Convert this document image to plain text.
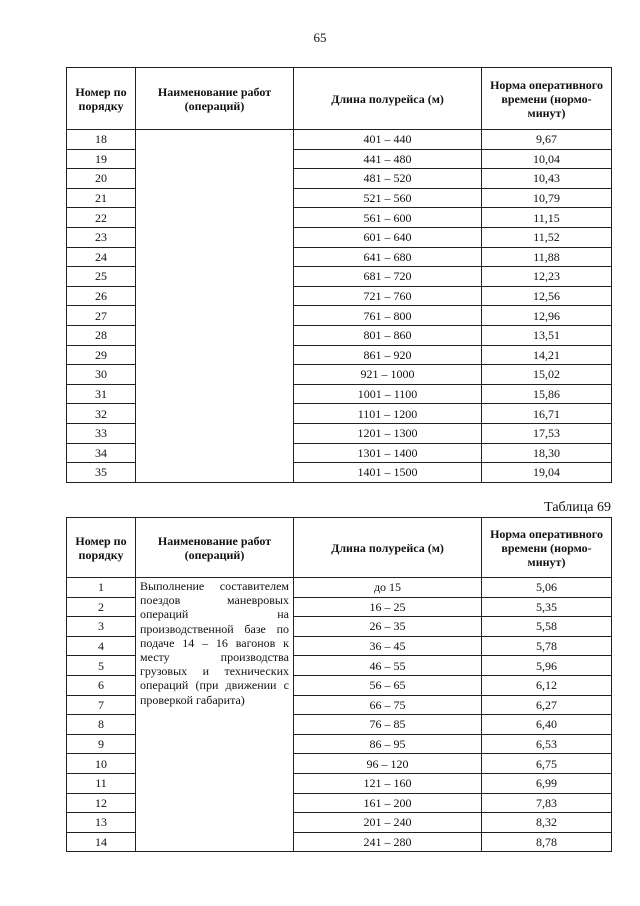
65
Номер по порядку	Наименование работ (операций)	Длина полурейса (м)	Норма оперативного времени (нормо-минут)
18		401 – 440	9,67
19		441 – 480	10,04
20		481 – 520	10,43
21		521 – 560	10,79
22		561 – 600	11,15
23		601 – 640	11,52
24		641 – 680	11,88
25		681 – 720	12,23
26		721 – 760	12,56
27		761 – 800	12,96
28		801 – 860	13,51
29		861 – 920	14,21
30		921 – 1000	15,02
31		1001 – 1100	15,86
32		1101 – 1200	16,71
33		1201 – 1300	17,53
34		1301 – 1400	18,30
35		1401 – 1500	19,04
Таблица 69
Номер по порядку	Наименование работ (операций)	Длина полурейса (м)	Норма оперативного времени (нормо-минут)
1	Выполнение составителем поездов маневровых операций на производственной базе по подаче 14 – 16 вагонов к месту производства грузовых и технических операций (при движении с проверкой габарита)	до 15	5,06
2		16 – 25	5,35
3		26 – 35	5,58
4		36 – 45	5,78
5		46 – 55	5,96
6		56 – 65	6,12
7		66 – 75	6,27
8		76 – 85	6,40
9		86 – 95	6,53
10		96 – 120	6,75
11		121 – 160	6,99
12		161 – 200	7,83
13		201 – 240	8,32
14		241 – 280	8,78
